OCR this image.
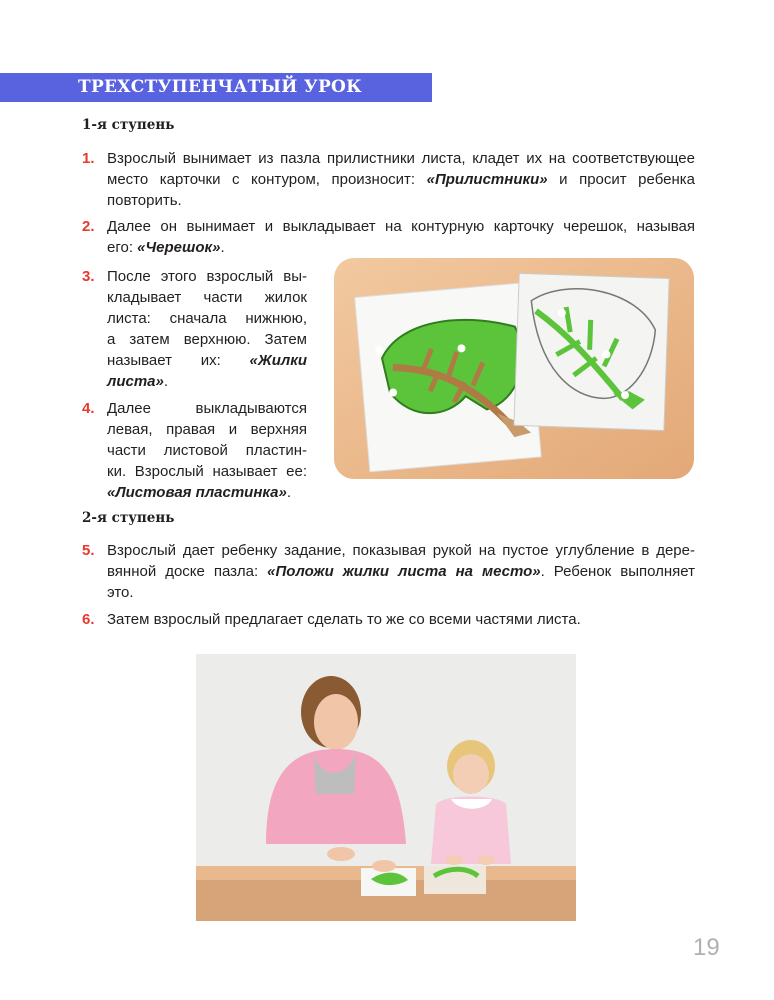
ТРЕХСТУПЕНЧАТЫЙ УРОК
1-я ступень
1. Взрослый вынимает из пазла прилистники листа, кладет их на соответствующее
место карточки с контуром, произносит: «Прилистники» и просит ребенка
повторить.
2. Далее он вынимает и выкладывает на контурную карточку черешок, называя
его: «Черешок».
3. После этого взрослый вы-
кладывает части жилок
листа: сначала нижнюю,
а затем верхнюю. Затем
называет их: «Жилки
листа».
4. Далее выкладываются
левая, правая и верхняя
части листовой пластин-
ки. Взрослый называет ее:
«Листовая пластинка».
2-я ступень
5. Взрослый дает ребенку задание, показывая рукой на пустое углубление в дере-
вянной доске пазла: «Положи жилки листа на место». Ребенок выполняет
это.
6. Затем взрослый предлагает сделать то же со всеми частями листа.
19
